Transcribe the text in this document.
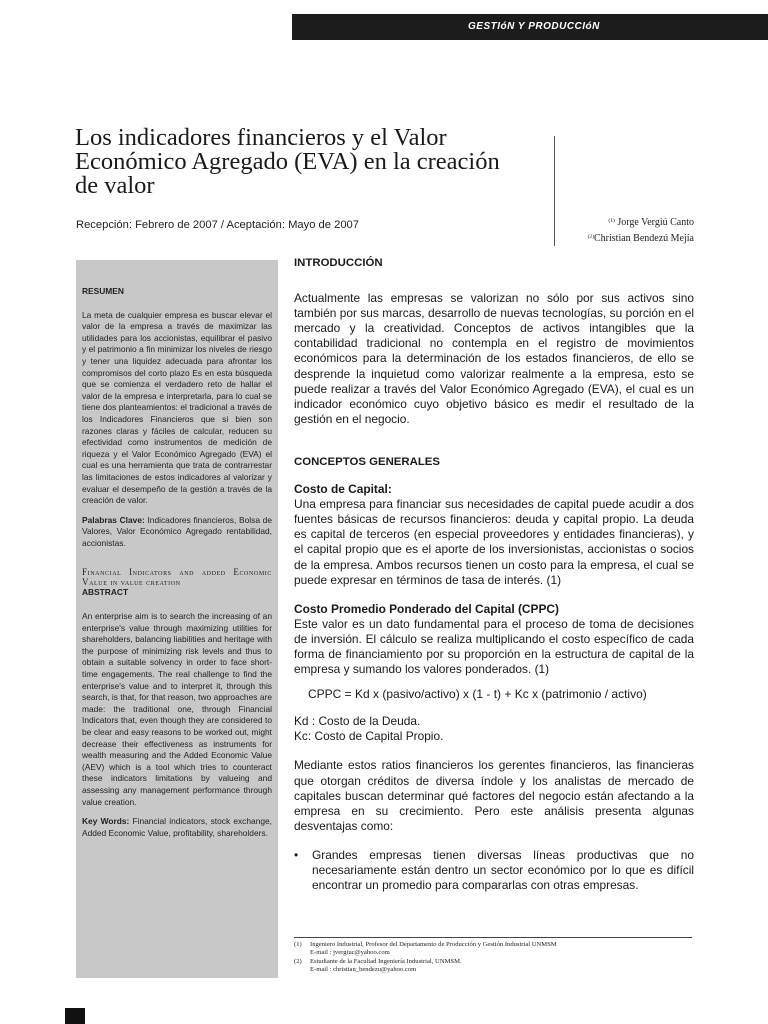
GESTIóN Y PRODUCCIóN
Los indicadores financieros y el Valor Económico Agregado (EVA) en la creación de valor
Recepción: Febrero de 2007 / Aceptación: Mayo de 2007	$^{(1)}$ Jorge Vergiú Canto
$^{(2)}$Christian Bendezú Mejía
RESUMEN

La meta de cualquier empresa es buscar elevar el valor de la empresa a través de maximizar las utilidades para los accionistas, equilibrar el pasivo y el patrimonio a fin minimizar los niveles de riesgo y tener una liquidez adecuada para afrontar los compromisos del corto plazo Es en esta búsqueda que se comienza el verdadero reto de hallar el valor de la empresa e interpretarla, para lo cual se tiene dos planteamientos: el tradicional a través de los Indicadores Financieros que si bien son razones claras y fáciles de calcular, reducen su efectividad como instrumentos de medición de riqueza y el Valor Económico Agregado (EVA) el cual es una herramienta que trata de contrarrestar las limitaciones de estos indicadores al valorizar y evaluar el desempeño de la gestión a través de la creación de valor.

Palabras Clave: Indicadores financieros, Bolsa de Valores, Valor Económico Agregado rentabilidad, accionistas.

Financial Indicators and added Economic Value in value creation
ABSTRACT

An enterprise aim is to search the increasing of an enterprise's value through maximizing utilities for shareholders, balancing liabilities and heritage with the purpose of minimizing risk levels and thus to obtain a suitable solvency in order to face short-time engagements. The real challenge to find the enterprise's value and to interpret it, through this search, is that, for that reason, two approaches are made: the traditional one, through Financial Indicators that, even though they are considered to be clear and easy reasons to be worked out, might decrease their effectiveness as instruments for wealth measuring and the Added Economic Value (AEV) which is a tool which tries to counteract these indicators limitations by valueing and assessing any management performance through value creation.

Key Words: Financial indicators, stock exchange, Added Economic Value, profitability, shareholders.

INTRODUCCIÓN

Actualmente las empresas se valorizan no sólo por sus activos sino también por sus marcas, desarrollo de nuevas tecnologías, su porción en el mercado y la creatividad. Conceptos de activos intangibles que la contabilidad tradicional no contempla en el registro de movimientos económicos para la determinación de los estados financieros, de ello se desprende la inquietud como valorizar realmente a la empresa, esto se puede realizar a través del Valor Económico Agregado (EVA), el cual es un indicador económico cuyo objetivo básico es medir el resultado de la gestión en el negocio.

CONCEPTOS GENERALES

Costo de Capital:

Una empresa para financiar sus necesidades de capital puede acudir a dos fuentes básicas de recursos financieros: deuda y capital propio. La deuda es capital de terceros (en especial proveedores y entidades financieras), y el capital propio que es el aporte de los inversionistas, accionistas o socios de la empresa. Ambos recursos tienen un costo para la empresa, el cual se puede expresar en términos de tasa de interés. (1)

Costo Promedio Ponderado del Capital (CPPC)

Este valor es un dato fundamental para el proceso de toma de decisiones de inversión. El cálculo se realiza multiplicando el costo específico de cada forma de financiamiento por su proporción en la estructura de capital de la empresa y sumando los valores ponderados. (1)

CPPC = Kd x (pasivo/activo) x (1 - t) + Kc x (patrimonio / activo)

Kd : Costo de la Deuda.

Kc: Costo de Capital Propio.

Mediante estos ratios financieros los gerentes financieros, las financieras que otorgan créditos de diversa índole y los analistas de mercado de capitales buscan determinar qué factores del negocio están afectando a la empresa en su crecimiento. Pero este análisis presenta algunas desventajas como:

• Grandes empresas tienen diversas líneas productivas que no necesariamente están dentro un sector económico por lo que es difícil encontrar un promedio para compararlas con otras empresas.

(1)	Ingeniero Industrial, Profesor del Departamento de Producción y Gestión Industrial UNMSM
E-mail : jvergiuc@yahoo.com
(2)	Estudiante de la Facultad Ingeniería Industrial, UNMSM.
E-mail : christian_bendezu@yahoo.com
